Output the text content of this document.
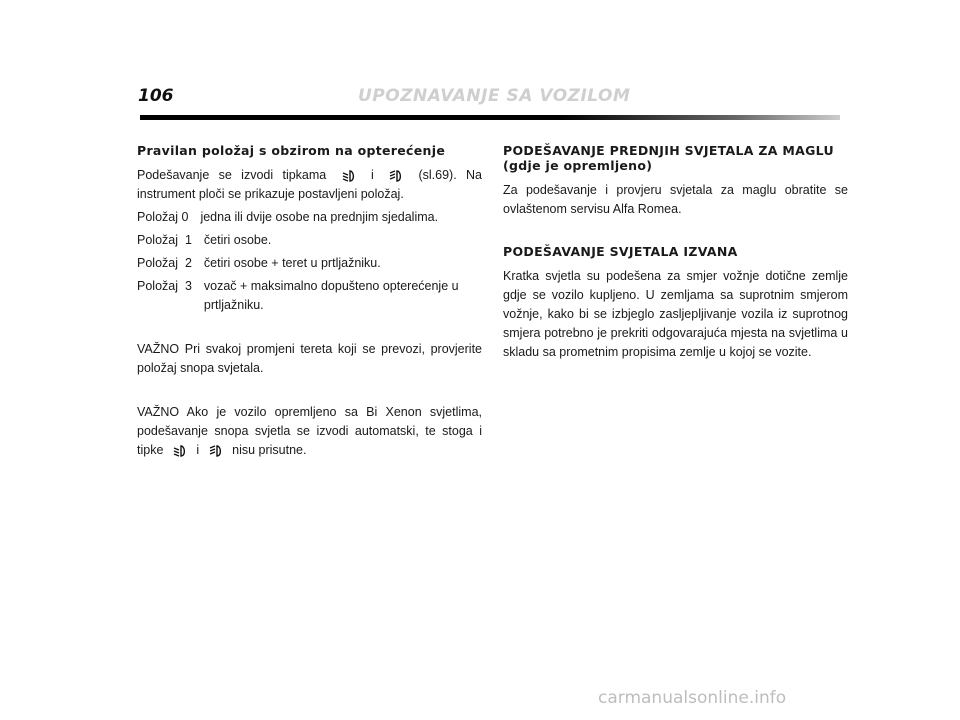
106	UPOZNAVANJE SA VOZILOM
Pravilan položaj s obzirom na opterećenje

Podešavanje se izvodi tipkama	i	(sl.69). Na instrument ploči se prikazuje postavljeni položaj.

Položaj 0 jedna ili dvije osobe na prednjim sjedalima.
Položaj  1 četiri osobe.
Položaj  2 četiri osobe + teret u prtljažniku.
Položaj  3 vozač + maksimalno dopušteno opterećenje u prtljažniku.

VAŽNO Pri svakoj promjeni tereta koji se prevozi, provjerite položaj snopa svjetala.

VAŽNO Ako je vozilo opremljeno sa Bi Xenon svjetlima, podešavanje snopa svjetla se izvodi automatski, te stoga i tipke	i	nisu prisutne.

PODEŠAVANJE PREDNJIH SVJETALA ZA MAGLU (gdje je opremljeno)

Za podešavanje i provjeru svjetala za maglu obratite se ovlaštenom servisu Alfa Romea.

PODEŠAVANJE SVJETALA IZVANA

Kratka svjetla su podešena za smjer vožnje dotične zemlje gdje se vozilo kupljeno. U zemljama sa suprotnim smjerom vožnje, kako bi se izbjeglo zasljepljivanje vozila iz suprotnog smjera potrebno je prekriti odgovarajuća mjesta na svjetlima u skladu sa prometnim propisima zemlje u kojoj se vozite.

carmanualsonline.info
